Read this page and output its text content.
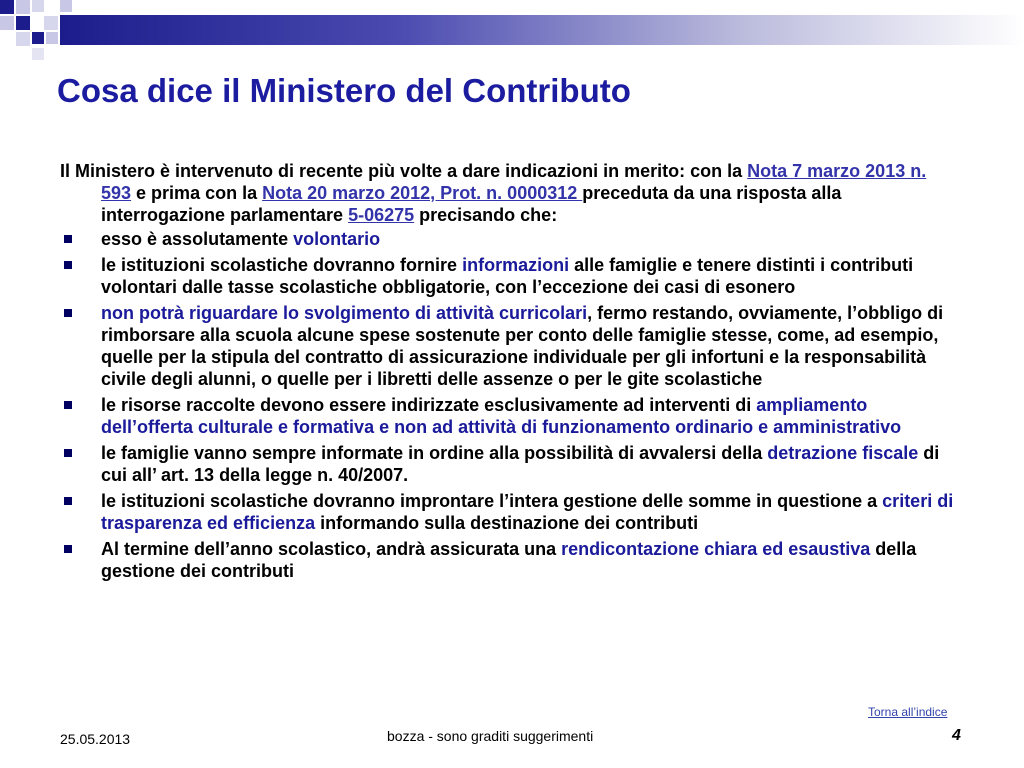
Cosa dice il Ministero del Contributo

Il Ministero è intervenuto di recente più volte a dare indicazioni in merito: con la Nota 7 marzo 2013 n. 593 e prima con la Nota 20 marzo 2012, Prot. n. 0000312 preceduta da una risposta alla interrogazione parlamentare 5-06275 precisando che:

esso è assolutamente volontario
le istituzioni scolastiche dovranno fornire informazioni alle famiglie e tenere distinti i contributi volontari dalle tasse scolastiche obbligatorie, con l’eccezione dei casi di esonero
non potrà riguardare lo svolgimento di attività curricolari, fermo restando, ovviamente, l’obbligo di rimborsare alla scuola alcune spese sostenute per conto delle famiglie stesse, come, ad esempio, quelle per la stipula del contratto di assicurazione individuale per gli infortuni e la responsabilità civile degli alunni, o quelle per i libretti delle assenze o per le gite scolastiche
le risorse raccolte devono essere indirizzate esclusivamente ad interventi di ampliamento dell’offerta culturale e formativa e non ad attività di funzionamento ordinario e amministrativo
le famiglie vanno sempre informate in ordine alla possibilità di avvalersi della detrazione fiscale di cui all’ art. 13 della legge n. 40/2007.
le istituzioni scolastiche dovranno improntare l’intera gestione delle somme in questione a criteri di trasparenza ed efficienza informando sulla destinazione dei contributi
Al termine dell’anno scolastico, andrà assicurata una rendicontazione chiara ed esaustiva della gestione dei contributi
Torna all’indice
25.05.2013	bozza - sono graditi suggerimenti	4
